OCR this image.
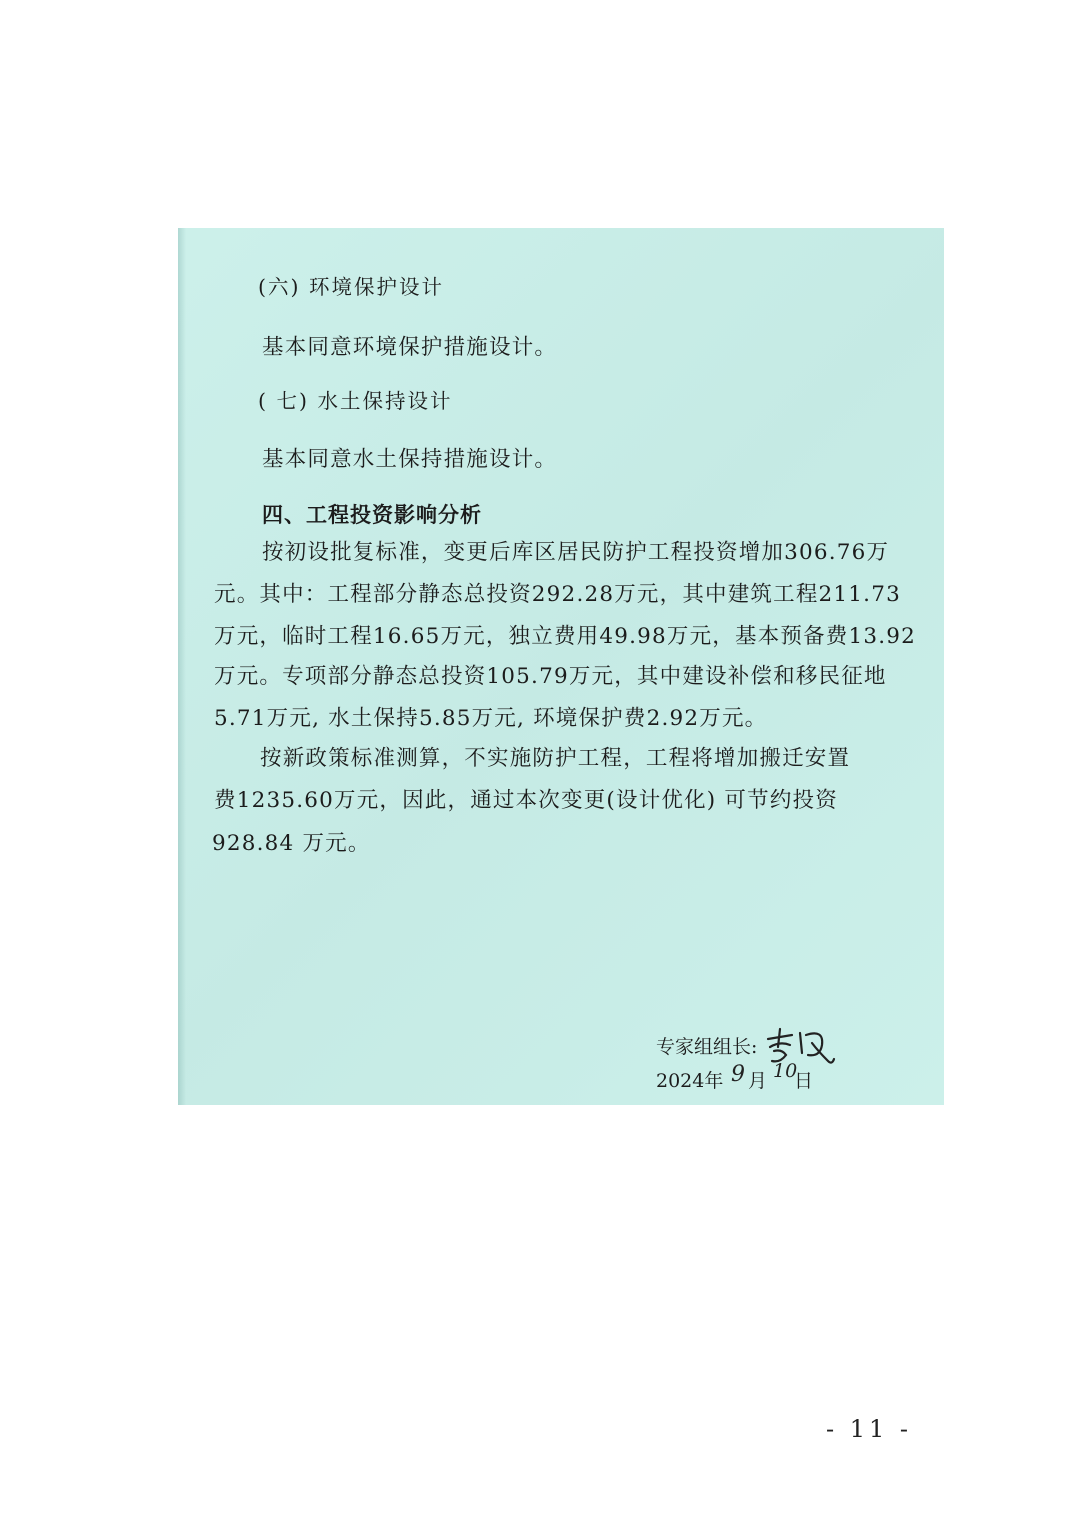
(六) 环境保护设计
基本同意环境保护措施设计。
( 七) 水土保持设计
基本同意水土保持措施设计。
四、工程投资影响分析
按初设批复标准，变更后库区居民防护工程投资增加306.76万
元。其中：工程部分静态总投资292.28万元，其中建筑工程211.73
万元，临时工程16.65万元，独立费用49.98万元，基本预备费13.92
万元。专项部分静态总投资105.79万元，其中建设补偿和移民征地
5.71万元, 水土保持5.85万元, 环境保护费2.92万元。
按新政策标准测算，不实施防护工程，工程将增加搬迁安置
费1235.60万元，因此，通过本次变更(设计优化) 可节约投资
928.84 万元。
专家组组长:
2024年 9 月 10
日
- 11 -
